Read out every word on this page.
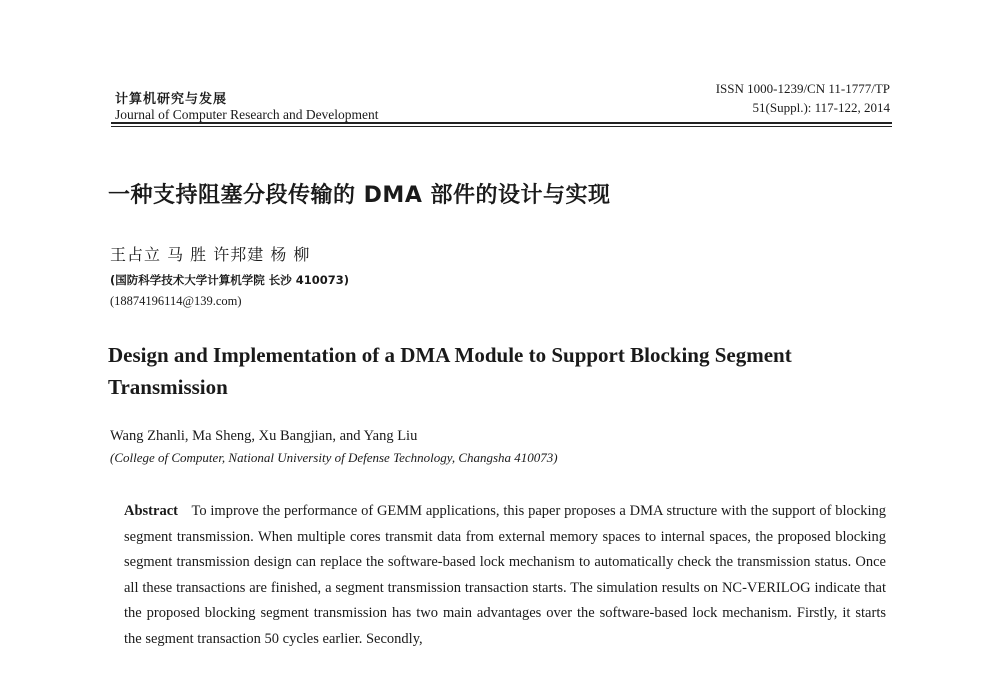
计算机研究与发展
Journal of Computer Research and Development
ISSN 1000-1239/CN 11-1777/TP
51(Suppl.): 117-122, 2014
一种支持阻塞分段传输的 DMA 部件的设计与实现
王占立 马 胜 许邦建 杨 柳
(国防科学技术大学计算机学院 长沙 410073)
(18874196114@139.com)
Design and Implementation of a DMA Module to Support Blocking Segment Transmission
Wang Zhanli, Ma Sheng, Xu Bangjian, and Yang Liu
(College of Computer, National University of Defense Technology, Changsha 410073)
Abstract To improve the performance of GEMM applications, this paper proposes a DMA structure with the support of blocking segment transmission. When multiple cores transmit data from external memory spaces to internal spaces, the proposed blocking segment transmission design can replace the software-based lock mechanism to automatically check the transmission status. Once all these transactions are finished, a segment transmission transaction starts. The simulation results on NC-VERILOG indicate that the proposed blocking segment transmission has two main advantages over the software-based lock mechanism. Firstly, it starts the segment transaction 50 cycles earlier. Secondly,
